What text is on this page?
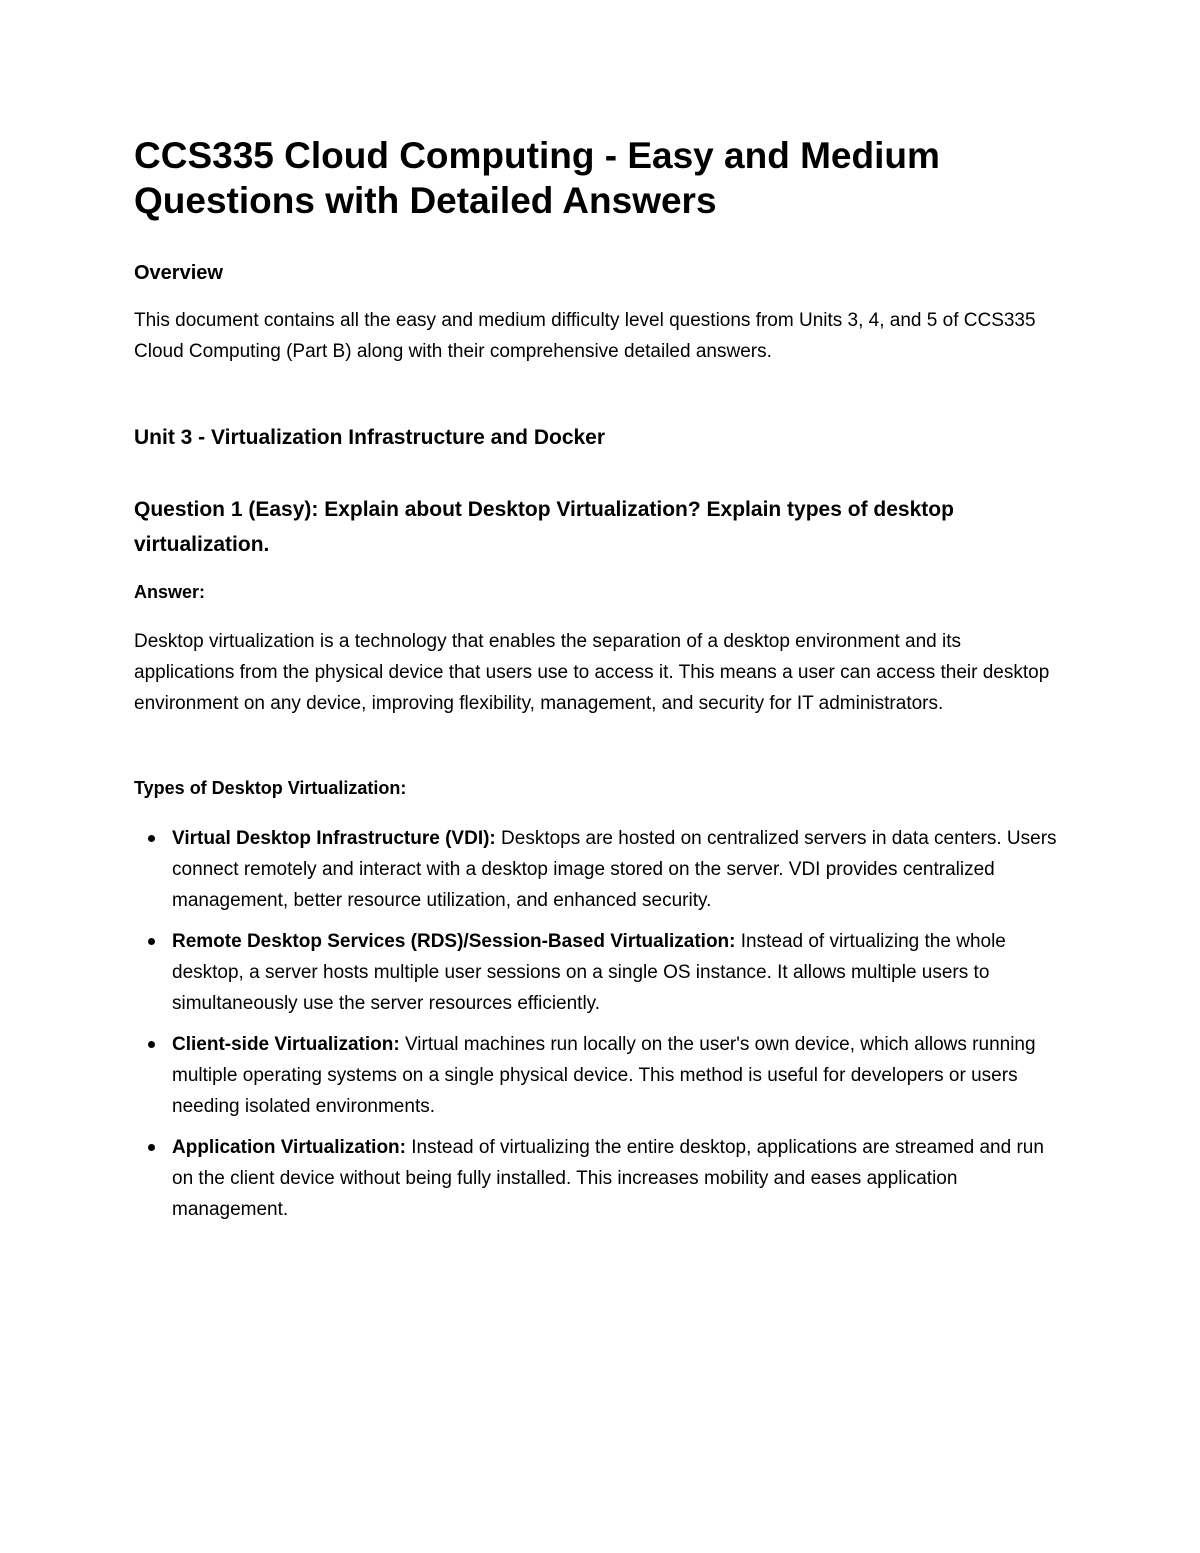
CCS335 Cloud Computing - Easy and Medium Questions with Detailed Answers
Overview

This document contains all the easy and medium difficulty level questions from Units 3, 4, and 5 of CCS335 Cloud Computing (Part B) along with their comprehensive detailed answers.

Unit 3 - Virtualization Infrastructure and Docker
Question 1 (Easy): Explain about Desktop Virtualization? Explain types of desktop virtualization.

Answer:

Desktop virtualization is a technology that enables the separation of a desktop environment and its applications from the physical device that users use to access it. This means a user can access their desktop environment on any device, improving flexibility, management, and security for IT administrators.

Types of Desktop Virtualization:

Virtual Desktop Infrastructure (VDI): Desktops are hosted on centralized servers in data centers. Users connect remotely and interact with a desktop image stored on the server. VDI provides centralized management, better resource utilization, and enhanced security.
Remote Desktop Services (RDS)/Session-Based Virtualization: Instead of virtualizing the whole desktop, a server hosts multiple user sessions on a single OS instance. It allows multiple users to simultaneously use the server resources efficiently.
Client-side Virtualization: Virtual machines run locally on the user's own device, which allows running multiple operating systems on a single physical device. This method is useful for developers or users needing isolated environments.
Application Virtualization: Instead of virtualizing the entire desktop, applications are streamed and run on the client device without being fully installed. This increases mobility and eases application management.
